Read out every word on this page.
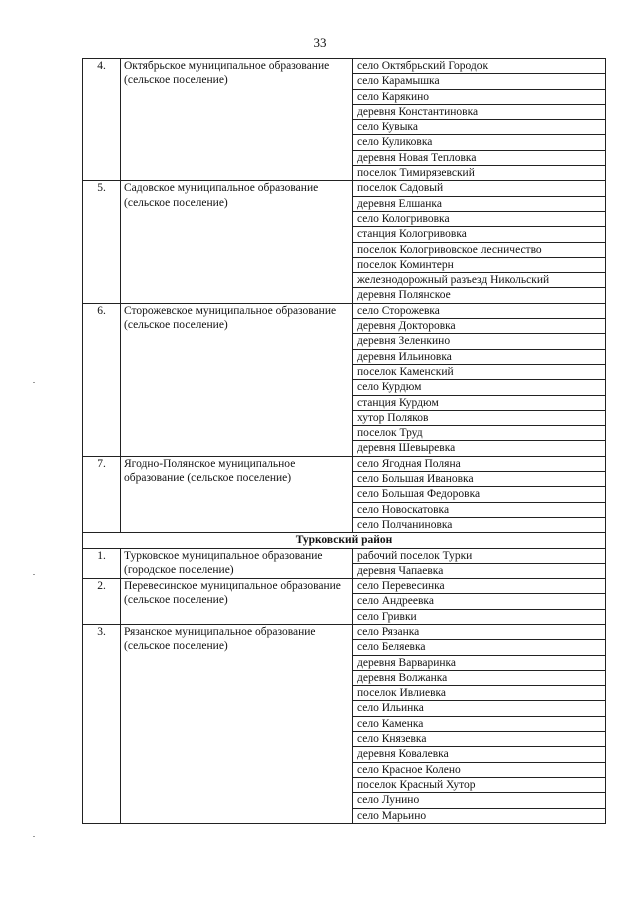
33
4.	Октябрьское муниципальное образование (сельское поселение)	село Октябрьский Городок
		село Карамышка
		село Карякино
		деревня Константиновка
		село Кувыка
		село Куликовка
		деревня Новая Тепловка
		поселок Тимирязевский
5.	Садовское муниципальное образование (сельское поселение)	поселок Садовый
		деревня Елшанка
		село Кологривовка
		станция Кологривовка
		поселок Кологривовское лесничество
		поселок Коминтерн
		железнодорожный разъезд Никольский
		деревня Полянское
6.	Сторожевское муниципальное образование (сельское поселение)	село Сторожевка
		деревня Докторовка
		деревня Зеленкино
		деревня Ильиновка
		поселок Каменский
		село Курдюм
		станция Курдюм
		хутор Поляков
		поселок Труд
		деревня Шевыревка
7.	Ягодно-Полянское муниципальное образование (сельское поселение)	село Ягодная Поляна
		село Большая Ивановка
		село Большая Федоровка
		село Новоскатовка
		село Полчаниновка
Турковский район		
1.	Турковское муниципальное образование (городское поселение)	рабочий поселок Турки
		деревня Чапаевка
2.	Перевесинское муниципальное образование (сельское поселение)	село Перевесинка
		село Андреевка
		село Гривки
3.	Рязанское муниципальное образование (сельское поселение)	село Рязанка
		село Беляевка
		деревня Варваринка
		деревня Волжанка
		поселок Ивлиевка
		село Ильинка
		село Каменка
		село Князевка
		деревня Ковалевка
		село Красное Колено
		поселок Красный Хутор
		село Лунино
		село Марьино
